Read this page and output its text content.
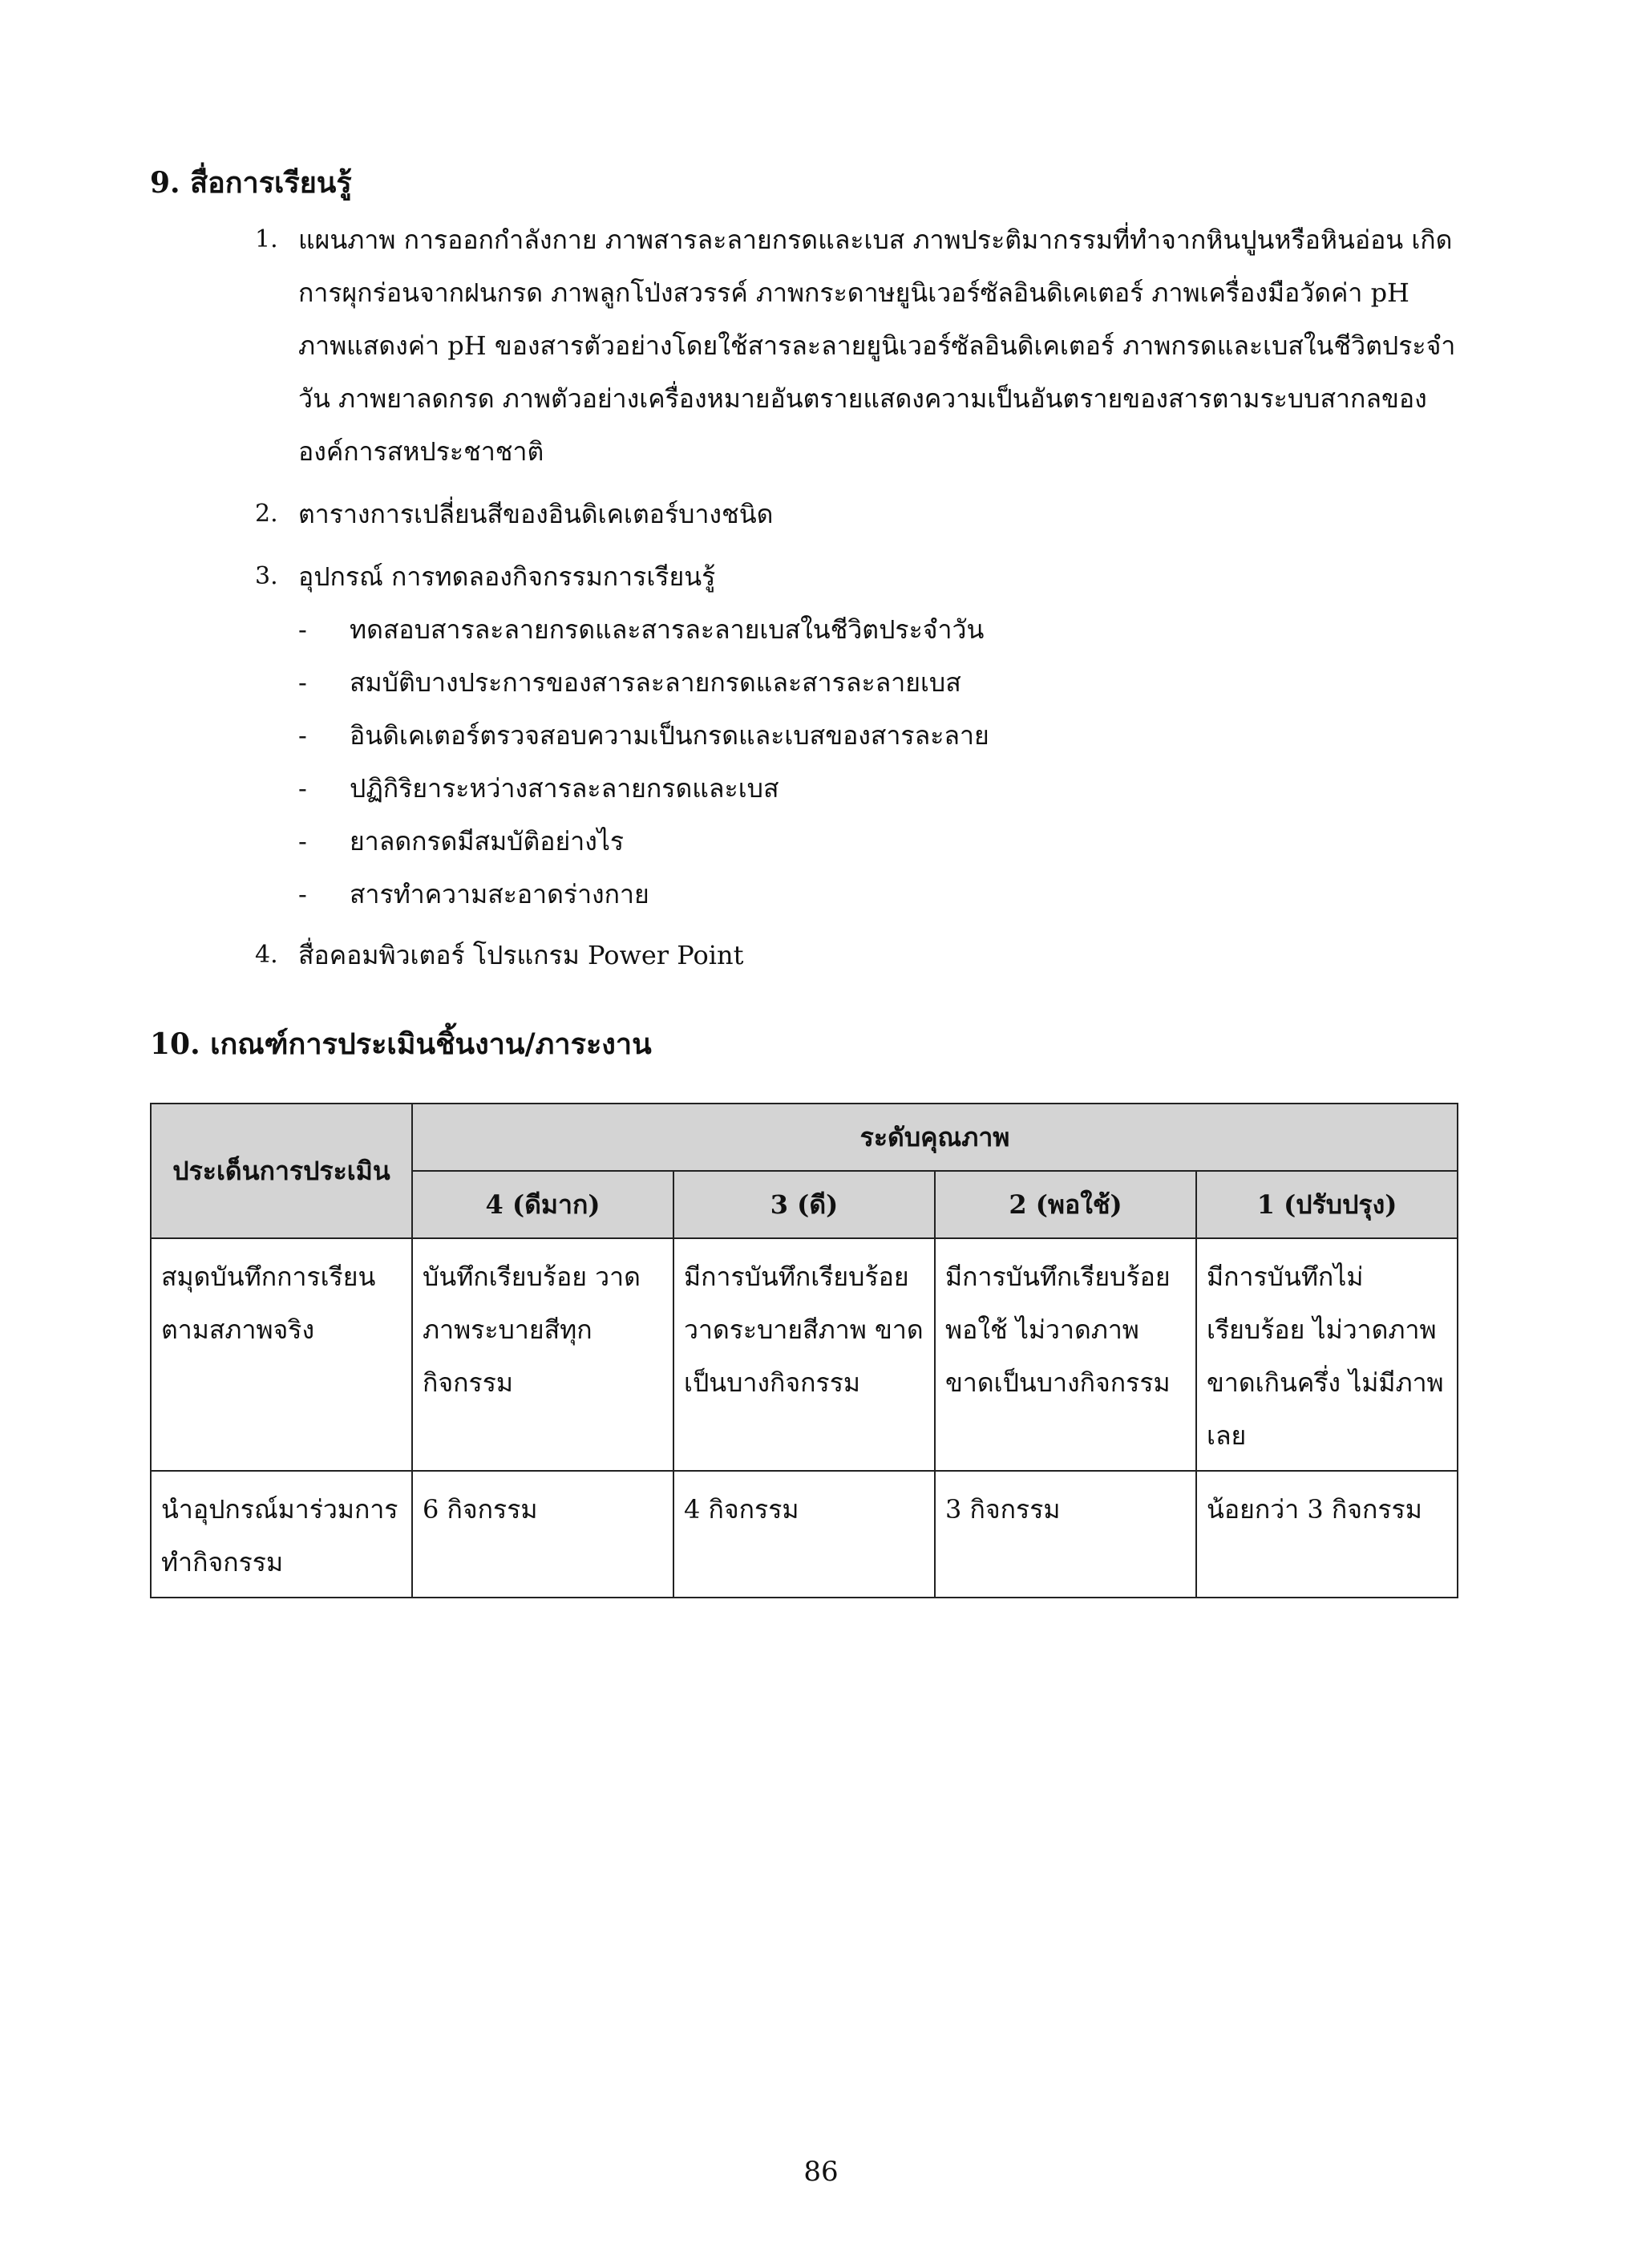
9. สื่อการเรียนรู้
1. แผนภาพ การออกกำลังกาย ภาพสารละลายกรดและเบส ภาพประติมากรรมที่ทำจากหินปูนหรือหินอ่อน เกิดการผุกร่อนจากฝนกรด ภาพลูกโป่งสวรรค์ ภาพกระดาษยูนิเวอร์ซัลอินดิเคเตอร์ ภาพเครื่องมือวัดค่า pH ภาพแสดงค่า pH ของสารตัวอย่างโดยใช้สารละลายยูนิเวอร์ซัลอินดิเคเตอร์ ภาพกรดและเบสในชีวิตประจำวัน ภาพยาลดกรด ภาพตัวอย่างเครื่องหมายอันตรายแสดงความเป็นอันตรายของสารตามระบบสากลขององค์การสหประชาชาติ
2. ตารางการเปลี่ยนสีของอินดิเคเตอร์บางชนิด
3. อุปกรณ์ การทดลองกิจกรรมการเรียนรู้
- ทดสอบสารละลายกรดและสารละลายเบสในชีวิตประจำวัน
- สมบัติบางประการของสารละลายกรดและสารละลายเบส
- อินดิเคเตอร์ตรวจสอบความเป็นกรดและเบสของสารละลาย
- ปฏิกิริยาระหว่างสารละลายกรดและเบส
- ยาลดกรดมีสมบัติอย่างไร
- สารทำความสะอาดร่างกาย
4. สื่อคอมพิวเตอร์ โปรแกรม Power Point
10. เกณฑ์การประเมินชิ้นงาน/ภาระงาน
ประเด็นการประเมิน	ระดับคุณภาพ			
	4 (ดีมาก)	3 (ดี)	2 (พอใช้)	1 (ปรับปรุง)
สมุดบันทึกการเรียนตามสภาพจริง	บันทึกเรียบร้อย วาดภาพระบายสีทุกกิจกรรม	มีการบันทึกเรียบร้อย วาดระบายสีภาพ ขาดเป็นบางกิจกรรม	มีการบันทึกเรียบร้อย พอใช้ ไม่วาดภาพ ขาดเป็นบางกิจกรรม	มีการบันทึกไม่เรียบร้อย ไม่วาดภาพ ขาดเกินครึ่ง ไม่มีภาพเลย
นำอุปกรณ์มาร่วมการทำกิจกรรม	6 กิจกรรม	4 กิจกรรม	3 กิจกรรม	น้อยกว่า 3 กิจกรรม
86
